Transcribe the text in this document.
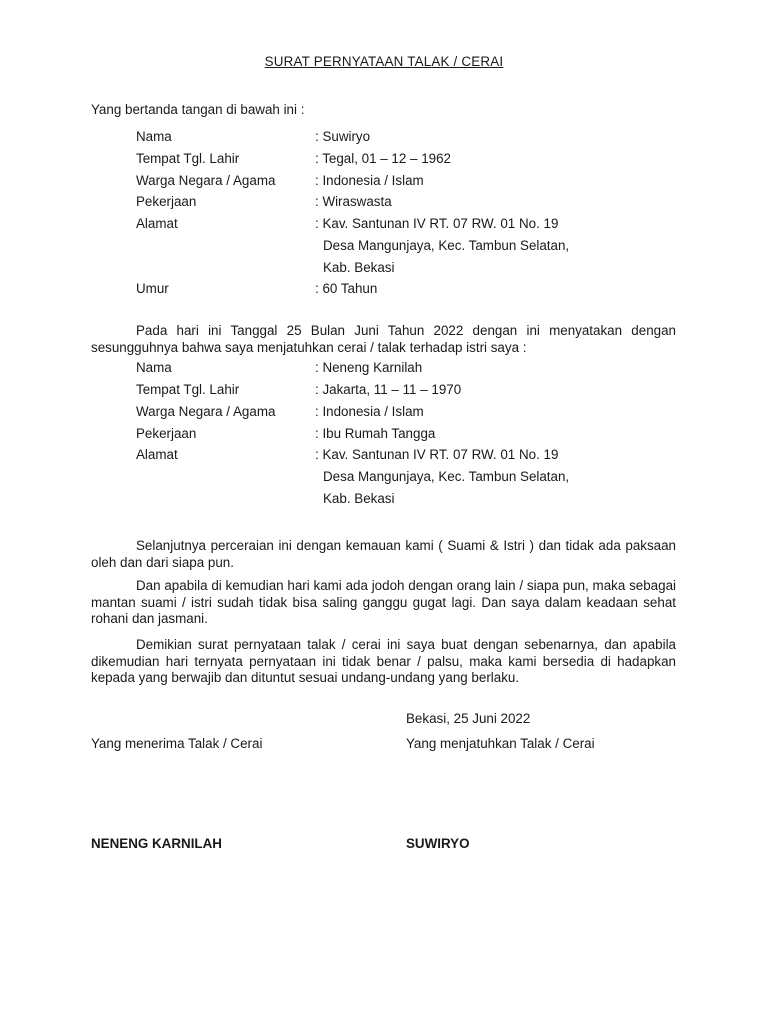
SURAT PERNYATAAN TALAK / CERAI
Yang bertanda tangan di bawah ini :
Nama	: Suwiryo
Tempat Tgl. Lahir	: Tegal, 01 – 12 – 1962
Warga Negara / Agama	: Indonesia / Islam
Pekerjaan	: Wiraswasta
Alamat	: Kav. Santunan IV RT. 07 RW. 01 No. 19
Desa Mangunjaya, Kec. Tambun Selatan,
Kab. Bekasi
Umur	: 60 Tahun
Pada hari ini Tanggal 25 Bulan Juni Tahun 2022 dengan ini menyatakan dengan sesungguhnya bahwa saya menjatuhkan cerai / talak terhadap istri saya :
Nama	: Neneng Karnilah
Tempat Tgl. Lahir	: Jakarta, 11 – 11 – 1970
Warga Negara / Agama	: Indonesia / Islam
Pekerjaan	: Ibu Rumah Tangga
Alamat	: Kav. Santunan IV RT. 07 RW. 01 No. 19
Desa Mangunjaya, Kec. Tambun Selatan,
Kab. Bekasi
Selanjutnya perceraian ini dengan kemauan kami ( Suami & Istri ) dan tidak ada paksaan oleh dan dari siapa pun.
Dan apabila di kemudian hari kami ada jodoh dengan orang lain / siapa pun, maka sebagai mantan suami / istri sudah tidak bisa saling ganggu gugat lagi. Dan saya dalam keadaan sehat rohani dan jasmani.
Demikian surat pernyataan talak / cerai ini saya buat dengan sebenarnya, dan apabila dikemudian hari ternyata pernyataan ini tidak benar / palsu, maka kami bersedia di hadapkan kepada yang berwajib dan dituntut sesuai undang-undang yang berlaku.
Bekasi, 25 Juni 2022
Yang menerima Talak / Cerai	Yang menjatuhkan Talak / Cerai
NENENG KARNILAH	SUWIRYO
